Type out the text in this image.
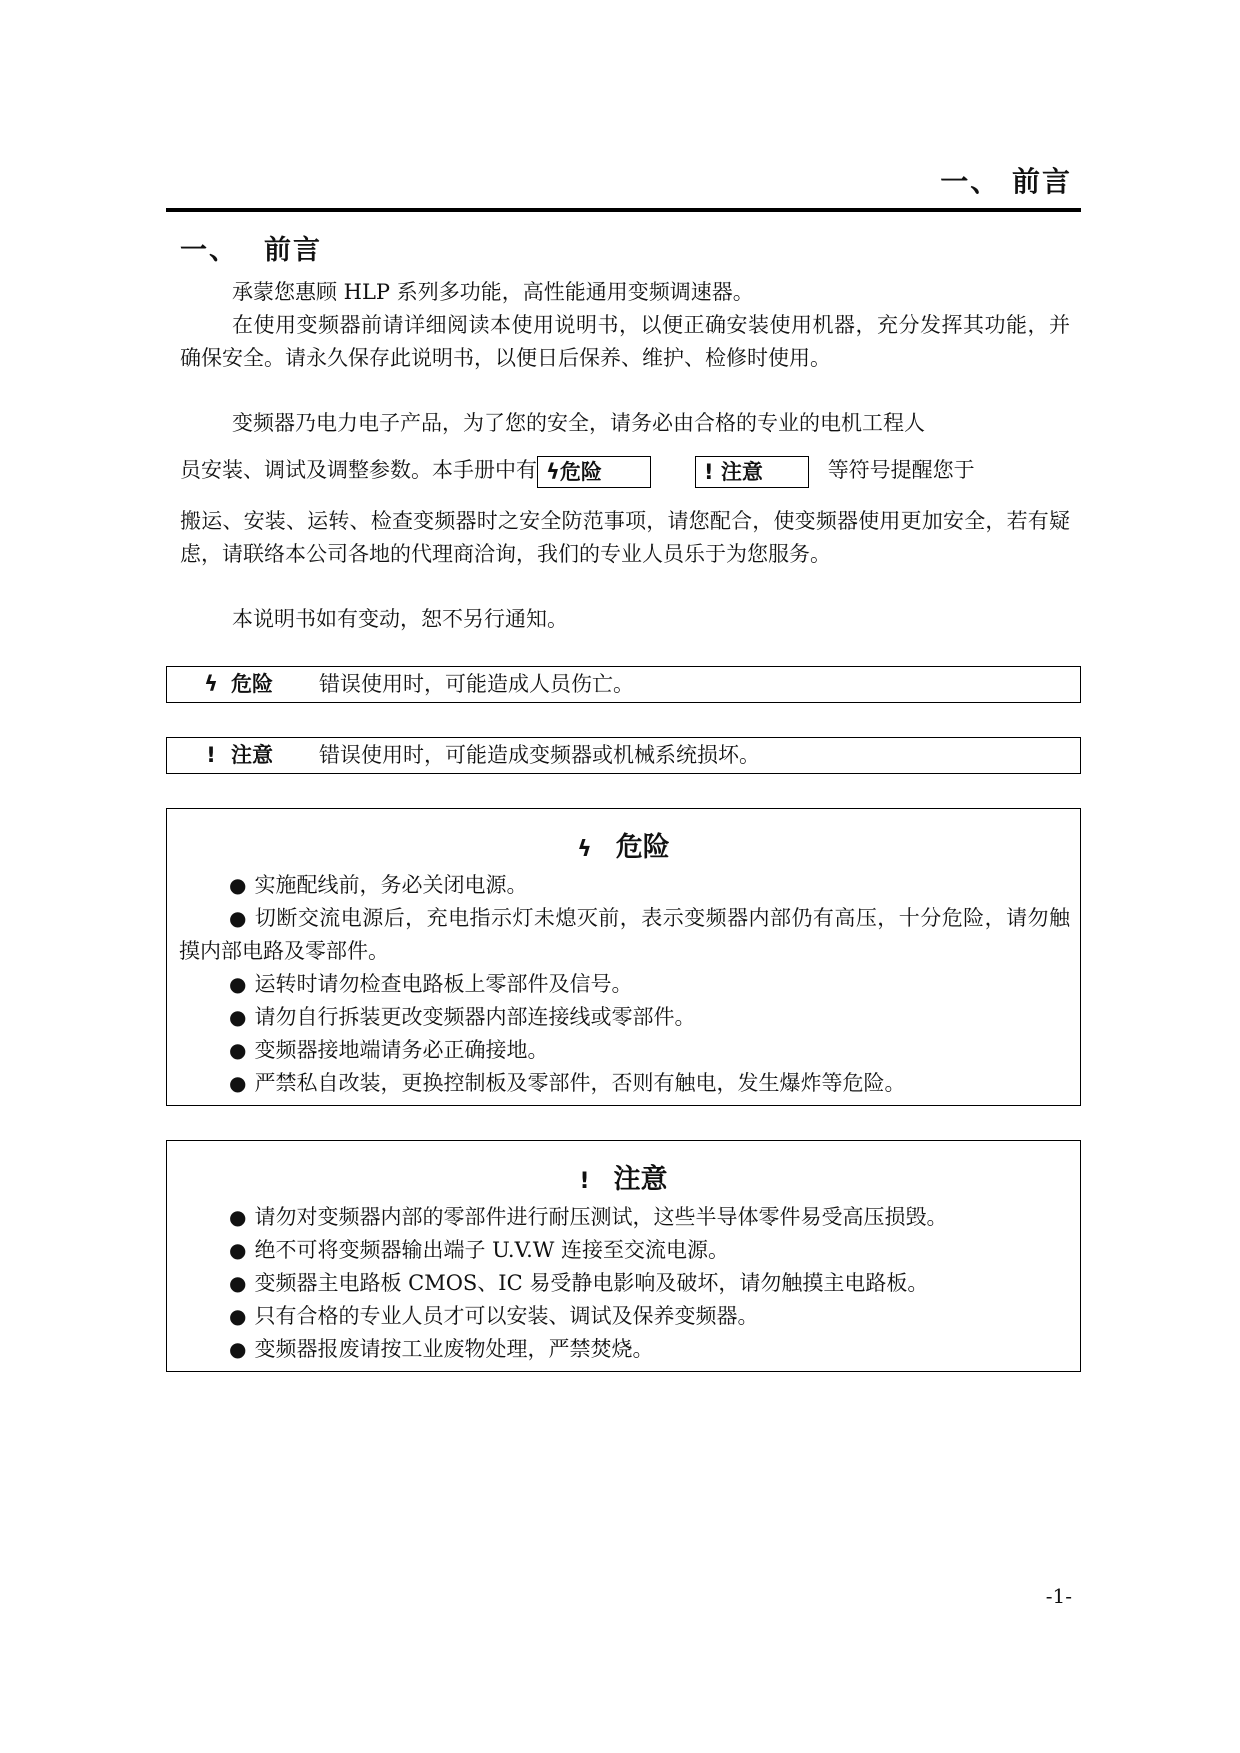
一、 前言
一、 前言
承蒙您惠顾 HLP 系列多功能，高性能通用变频调速器。
在使用变频器前请详细阅读本使用说明书，以便正确安装使用机器，充分发挥其功能，并确保安全。请永久保存此说明书，以便日后保养、维护、检修时使用。
变频器乃电力电子产品，为了您的安全，请务必由合格的专业的电机工程人
员安装、调试及调整参数。本手册中有 ϟ危险	! 注意	等符号提醒您于
搬运、安装、运转、检查变频器时之安全防范事项，请您配合，使变频器使用更加安全，若有疑虑，请联络本公司各地的代理商洽询，我们的专业人员乐于为您服务。
本说明书如有变动，恕不另行通知。
ϟ 危险 错误使用时，可能造成人员伤亡。
! 注意 错误使用时，可能造成变频器或机械系统损坏。
ϟ 危险
● 实施配线前，务必关闭电源。
● 切断交流电源后，充电指示灯未熄灭前，表示变频器内部仍有高压，十分危险，请勿触摸内部电路及零部件。
● 运转时请勿检查电路板上零部件及信号。
● 请勿自行拆装更改变频器内部连接线或零部件。
● 变频器接地端请务必正确接地。
● 严禁私自改装，更换控制板及零部件，否则有触电，发生爆炸等危险。
! 注意
● 请勿对变频器内部的零部件进行耐压测试，这些半导体零件易受高压损毁。
● 绝不可将变频器输出端子 U.V.W 连接至交流电源。
● 变频器主电路板 CMOS、IC 易受静电影响及破坏，请勿触摸主电路板。
● 只有合格的专业人员才可以安装、调试及保养变频器。
● 变频器报废请按工业废物处理，严禁焚烧。
-1-
